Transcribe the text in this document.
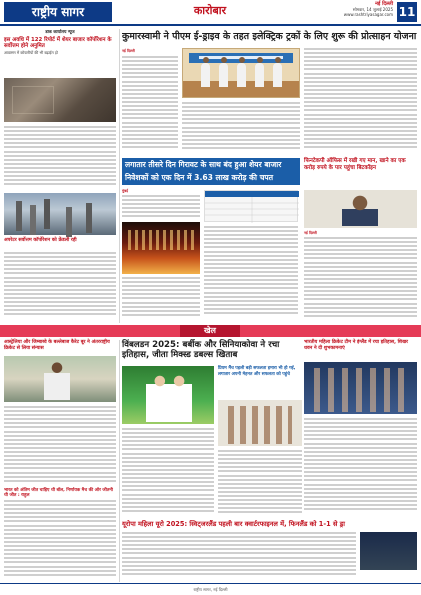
राष्ट्रीय सागर	कारोबार	नई दिल्ली
सोमवार, 14 जुलाई 2025
www.rashtriyasagar.com 11
डाक कार्यालय न्यूज
इस अवधि में 122 रिपोर्ट में शेयर बाजार कॉर्पोरेशन के सर्वोत्तम होने अनुमित
आवासन में कोयलीयों की भी बढ़ाईग हो
अपरेटर सर्वोत्तम कॉर्पोरेशन को फ्रेंडली रही
कुमारस्वामी ने पीएम ई-ड्राइव के तहत इलेक्ट्रिक ट्रकों के लिए शुरू की प्रोत्साहन योजना
नई दिल्ली
लगातार तीसरे दिन गिरावट के साथ बंद हुआ शेयर बाजार निवेशकों को एक दिन में 3.63 लाख करोड़ की चपत
मुंबई
फिनटेकपी ऑफिस में रखी गए मान, खाने का एक करोड़ रुपये के पार पहुंचा बिटकॉइन
नई दिल्ली
खेल
आस्ट्रेलिया और जिम्बाब्वे के बल्लेबाज कैरेट बूर ने अंतरराष्ट्रीय क्रिकेट से लिया संन्यास
भारत को अंतिम जीत चाहिए थी बॉल, निर्णायक मैच की ओर जीतनी थी जीत : राहुल
विंबलडन 2025: बर्बीक और सिनियाकोवा ने रचा इतिहास, जीता मिक्स्ड डबल्स खिताब
प्रियम मैंच पहली बड़ी सफलता हमारा भी हो गई, लगातार अपनी मेहनत और सफलता को पहुंचे
भारतीय महिला क्रिकेट टीम ने इंग्लैंड में रचा इतिहास, शिखर धवन ने दी शुभकामनाएं
यूरोपा महिला यूरो 2025: स्विट्जरलैंड पहली बार क्वार्टरफाइनल में, फिनलैंड को 1-1 से ड्रा
राष्ट्रीय सागर, नई दिल्ली
